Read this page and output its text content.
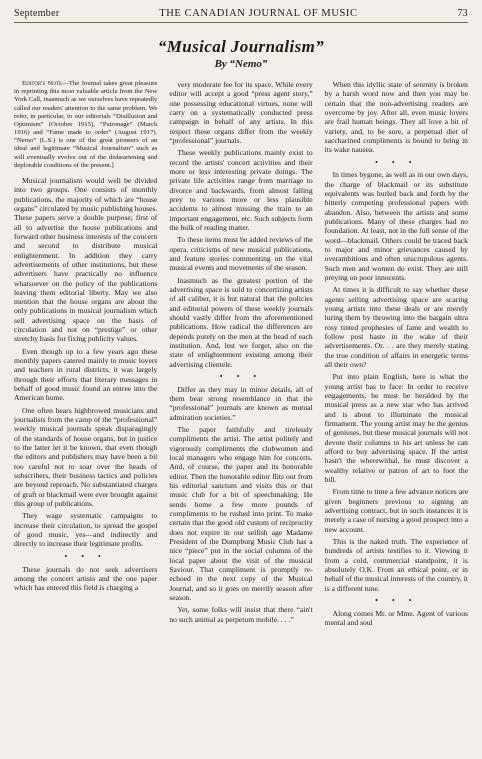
September	THE CANADIAN JOURNAL OF MUSIC	73
“Musical Journalism”
By “Nemo”

Editor's Note—The Journal takes great pleasure in reprinting this most valuable article from the New York Call, inasmuch as we ourselves have repeatedly called our readers' attention to the same problem. We refer, in particular, to our editorials “Disillusion and Optimism” (October 1915), “Patronage” (March 1916) and “Fame made to order” (August 1917). “Nemo” (L.S.) is one of the great pioneers of an ideal and legitimate “Musical Journalism” such as will eventually evolve out of the disheartening and deplorable conditions of the present.]

Musical journalism would well be divided into two groups. One consists of monthly publications, the majority of which are “house organs” circulated by music publishing houses. These papers serve a double purpose; first of all to advertise the house publications and forward other business interests of the concern and second to distribute musical enlightenment. In addition they carry advertisements of other institutions, but these advertisers have practically no influence whatsoever on the policy of the publications leaving them editorial liberty. May we also mention that the house organs are about the only publications in musical journalism which sell advertising space on the basis of circulation and not on “prestige” or other stretchy basis for fixing publicity values.

Even though up to a few years ago these monthly papers catered mainly to music lovers and teachers in rural districts, it was largely through their efforts that literary messages in behalf of good music found an entree into the American home.

One often hears highbrowed musicians and journalists from the camp of the “professional” weekly musical journals speak disparagingly of the standards of house organs, but in justice to the latter let it be known, that even though the editors and publishers may have been a bit too careful not to soar over the heads of subscribers, their business tactics and policies are beyond reproach. No substantiated charges of graft or blackmail were ever brought against this group of publications.

They wage systematic campaigns to increase their circulation, to spread the gospel of good music, yes—and indirectly and directly to increase their legitimate profits.

• • •

These journals do not seek advertisers among the concert artists and the one paper which has entered this field is charging a

very moderate fee for its space. While every editor will accept a good “press agent story,” one possessing educational virtues, none will carry on a systematically conducted press campaign in behalf of any artists. In this respect these organs differ from the weekly “professional” journals.

These weekly publications mainly exist to record the artists' concert activities and their more or less interesting private doings. The private life activities range from marriage to divorce and backwards, from almost falling prey to various more or less plausible accidents to almost missing the train to an important engagement, etc. Such subjects form the bulk of reading matter.

To these items must be added reviews of the opera, criticisms of new musical publications, and feature stories commenting on the vital musical events and movements of the season.

Inasmuch as the greatest portion of the advertising space is sold to concertizing artists of all caliber, it is but natural that the policies and editorial powers of these weekly journals should vastly differ from the aforementioned publications. How radical the differences are depends purely on the men at the head of each institution. And, lest we forget, also on the state of enlightenment existing among their advertising clientele.

• • •

Differ as they may in minor details, all of them bear strong resemblance in that the “professional” journals are known as mutual admiration societies.”

The paper faithfully and tirelessly compliments the artist. The artist politely and vigorously compliments the clubwomen and local managers who engage him for concerts. And, of course, the paper and its honorable editor. Then the honorable editor flits out from his editorial sanctum and visits this or that music club for a bit of speechmaking. He sends home a few more pounds of compliments to be rushed into print. To make certain that the good old custom of reciprocity does not expire in our selfish age Madame President of the Dumpburg Music Club has a nice “piece” put in the social columns of the local paper about the visit of the musical Saviour. That compliment is promptly re-echoed in the next copy of the Musical Journal, and so it goes on merrily season after season.

Yet, some folks will insist that there “ain't no such animal as perpetum mobile. . . .”

When this idyllic state of serenity is broken by a harsh word now and then you may be certain that the non-advertising readers are overcome by joy. After all, even music lovers are frail human beings. They all love a bit of variety, and, to be sure, a perpetual diet of saccharined compliments is bound to bring in its wake nausea.

• • •

In times bygone, as well as in our own days, the charge of blackmail or its substitute equivalents was hurled back and forth by the bitterly competing professional papers with abandon. Also, between the artists and some publications. Many of these charges had no foundation. At least, not in the full sense of the word—blackmail. Others could be traced back to major and minor grievances caused by overambitious and often unscrupulous agents. Such men and women do exist. They are still preying on poor innocents.

At times it is difficult to say whether these agents selling advertising space are scaring young artists into these deals or are merely luring them by throwing into the bargain ultra rosy tinted prophesies of fame and wealth to follow post haste in the wake of their advertisements. Or. . . are they merely stating the true condition of affairs in energetic terms all their own?

Put into plain English, here is what the young artist has to face: In order to receive engagements, he must be heralded by the musical press as a new star who has arrived and is about to illuminate the musical firmament. The young artist may be the genius of geniuses, but these musical journals will not devote their columns to his art unless he can afford to buy advertising space. If the artist hasn't the wherewithal, he must discover a wealthy relative or patron of art to foot the bill.

From time to time a few advance notices are given beginners previous to signing an advertising contract, but in such instances it is merely a case of nursing a good prospect into a new account.

This is the naked truth. The experience of hundreds of artists testifies to it. Viewing it from a cold, commercial standpoint, it is absolutely O.K. From an ethical point, or in behalf of the musical interests of the country, it is a different tune.

• • •

Along comes Mr. or Mme. Agent of various mental and soul
